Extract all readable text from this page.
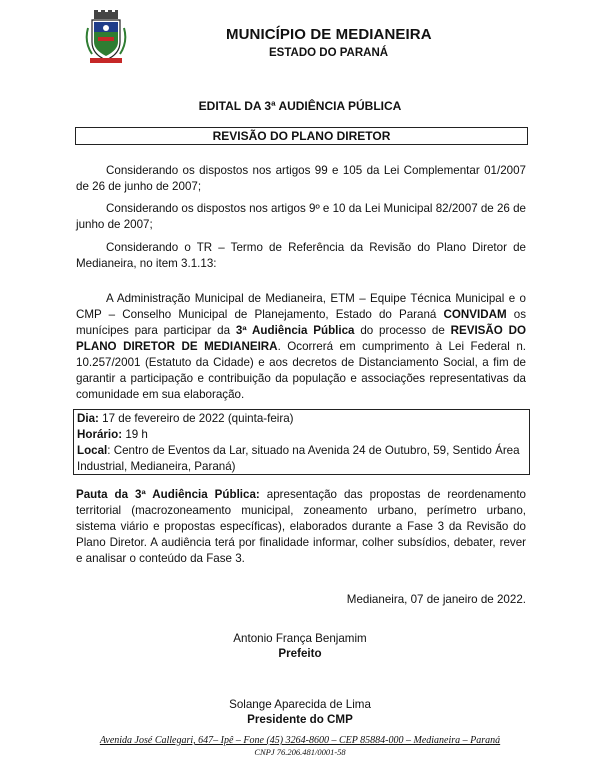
MUNICÍPIO DE MEDIANEIRA
ESTADO DO PARANÁ
EDITAL DA 3ª AUDIÊNCIA PÚBLICA
REVISÃO DO PLANO DIRETOR
Considerando os dispostos nos artigos 99 e 105 da Lei Complementar 01/2007 de 26 de junho de 2007;
Considerando os dispostos nos artigos 9º e 10 da Lei Municipal 82/2007 de 26 de junho de 2007;
Considerando o TR – Termo de Referência da Revisão do Plano Diretor de Medianeira, no item 3.1.13:
A Administração Municipal de Medianeira, ETM – Equipe Técnica Municipal e o CMP – Conselho Municipal de Planejamento, Estado do Paraná CONVIDAM os munícipes para participar da 3ª Audiência Pública do processo de REVISÃO DO PLANO DIRETOR DE MEDIANEIRA. Ocorrerá em cumprimento à Lei Federal n. 10.257/2001 (Estatuto da Cidade) e aos decretos de Distanciamento Social, a fim de garantir a participação e contribuição da população e associações representativas da comunidade em sua elaboração.
Dia: 17 de fevereiro de 2022 (quinta-feira)
Horário: 19 h
Local: Centro de Eventos da Lar, situado na Avenida 24 de Outubro, 59, Sentido Área
Industrial, Medianeira, Paraná)
Pauta da 3ª Audiência Pública: apresentação das propostas de reordenamento territorial (macrozoneamento municipal, zoneamento urbano, perímetro urbano, sistema viário e propostas específicas), elaborados durante a Fase 3 da Revisão do Plano Diretor. A audiência terá por finalidade informar, colher subsídios, debater, rever e analisar o conteúdo da Fase 3.
Medianeira, 07 de janeiro de 2022.
Antonio França Benjamim
Prefeito
Solange Aparecida de Lima
Presidente do CMP
Avenida José Callegari, 647– Ipê – Fone (45) 3264-8600 – CEP 85884-000 – Medianeira – Paraná
CNPJ 76.206.481/0001-58
